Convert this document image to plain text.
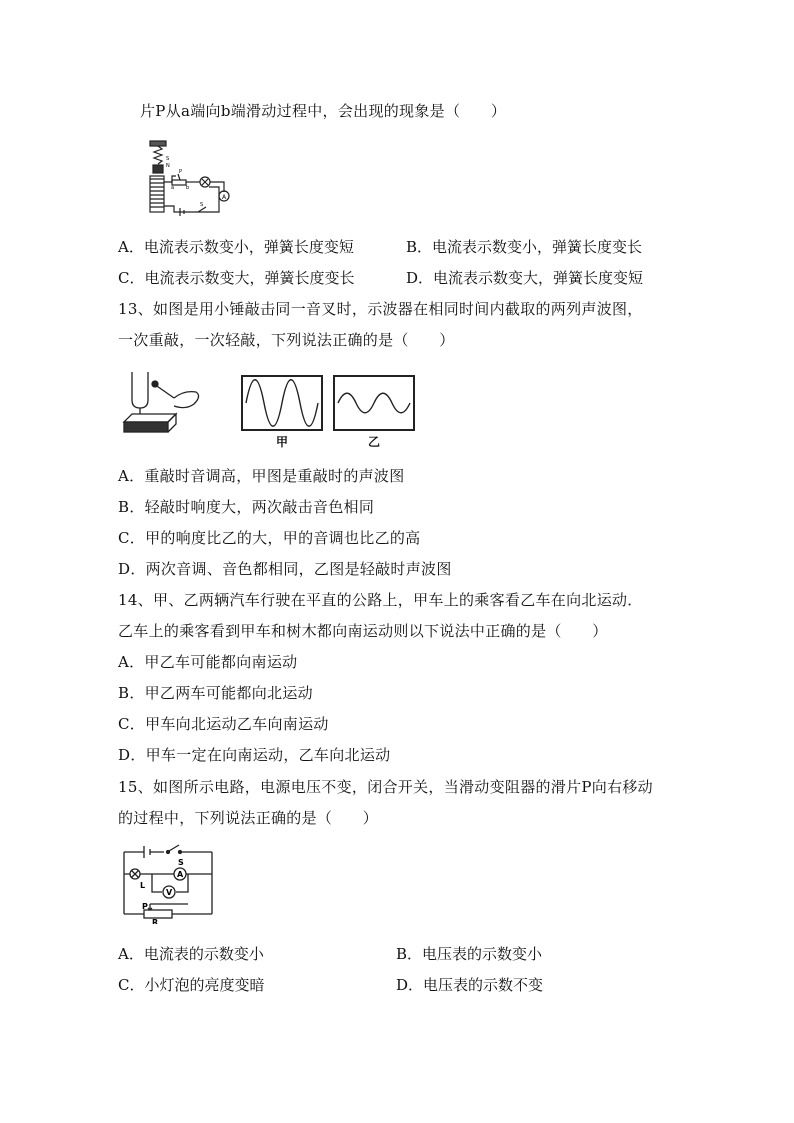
片P从a端向b端滑动过程中，会出现的现象是（　　）
A
S
N
P
a b
S
A．电流表示数变小，弹簧长度变短	B．电流表示数变小，弹簧长度变长
C．电流表示数变大，弹簧长度变长	D．电流表示数变大，弹簧长度变短
13、如图是用小锤敲击同一音叉时，示波器在相同时间内截取的两列声波图，
一次重敲，一次轻敲，下列说法正确的是（　　）
甲	乙
A．重敲时音调高，甲图是重敲时的声波图
B．轻敲时响度大，两次敲击音色相同
C．甲的响度比乙的大，甲的音调也比乙的高
D．两次音调、音色都相同，乙图是轻敲时声波图
14、甲、乙两辆汽车行驶在平直的公路上，甲车上的乘客看乙车在向北运动．
乙车上的乘客看到甲车和树木都向南运动则以下说法中正确的是（　　）
A．甲乙车可能都向南运动
B．甲乙两车可能都向北运动
C．甲车向北运动乙车向南运动
D．甲车一定在向南运动，乙车向北运动
15、如图所示电路，电源电压不变，闭合开关，当滑动变阻器的滑片P向右移动
的过程中，下列说法正确的是（　　）
A
V
S
L
P
R
A．电流表的示数变小	B．电压表的示数变小
C．小灯泡的亮度变暗	D．电压表的示数不变
